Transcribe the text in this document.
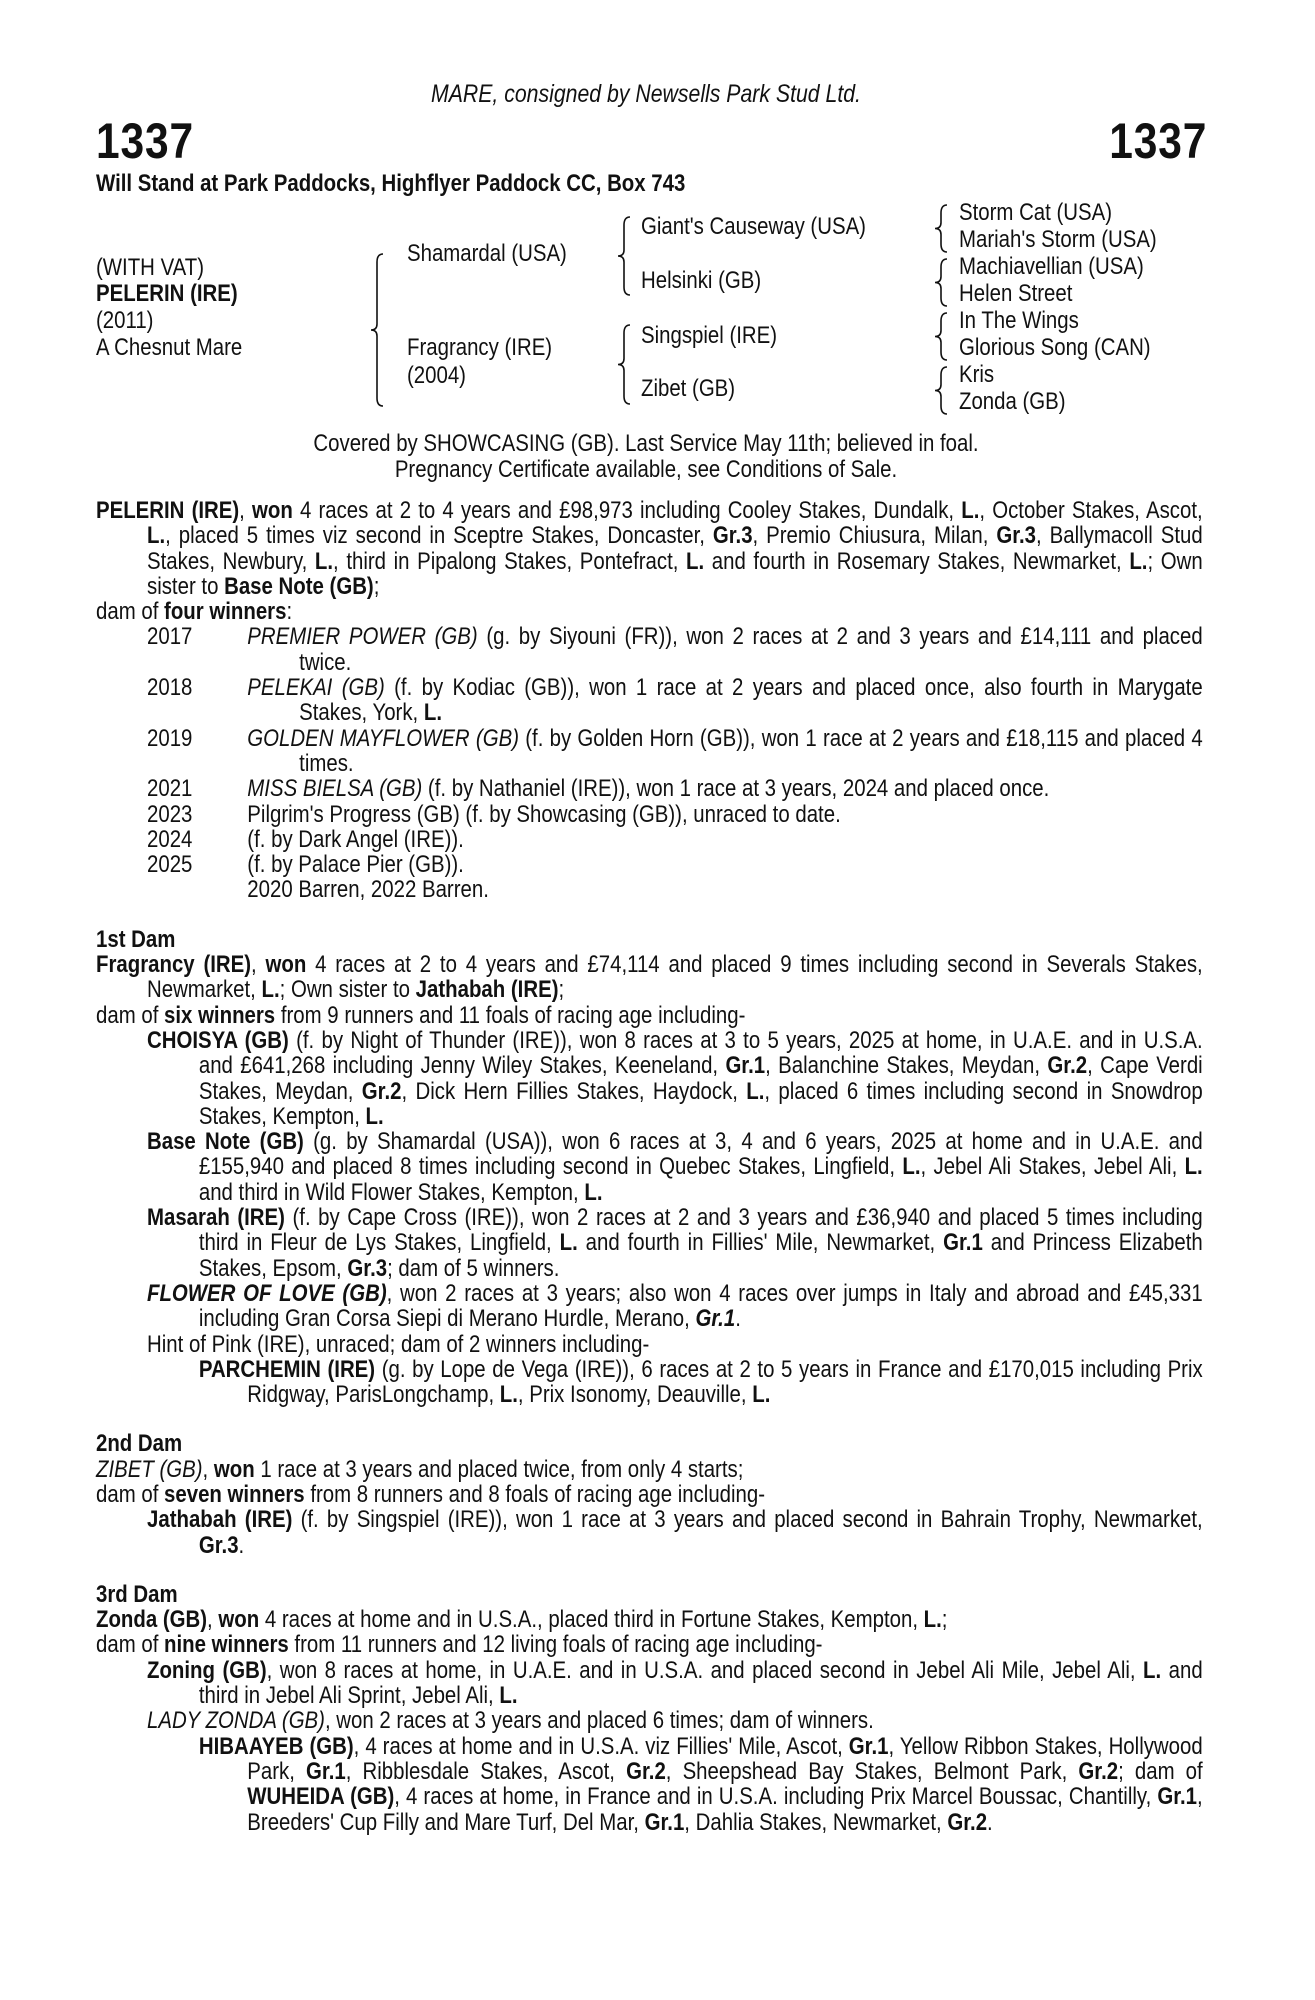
MARE, consigned by Newsells Park Stud Ltd.
1337	1337
Will Stand at Park Paddocks, Highflyer Paddock CC, Box 743
(WITH VAT)
PELERIN (IRE)
(2011)
A Chesnut Mare
Shamardal (USA)
Fragrancy (IRE)
(2004)
Giant's Causeway (USA)
Helsinki (GB)
Singspiel (IRE)
Zibet (GB)
Storm Cat (USA)
Mariah's Storm (USA)
Machiavellian (USA)
Helen Street
In The Wings
Glorious Song (CAN)
Kris
Zonda (GB)
Covered by SHOWCASING (GB). Last Service May 11th; believed in foal.
Pregnancy Certificate available, see Conditions of Sale.
PELERIN (IRE), won 4 races at 2 to 4 years and £98,973 including Cooley Stakes, Dundalk, L., October Stakes, Ascot, L., placed 5 times viz second in Sceptre Stakes, Doncaster, Gr.3, Premio Chiusura, Milan, Gr.3, Ballymacoll Stud Stakes, Newbury, L., third in Pipalong Stakes, Pontefract, L. and fourth in Rosemary Stakes, Newmarket, L.; Own sister to Base Note (GB);
dam of four winners:
2017 PREMIER POWER (GB) (g. by Siyouni (FR)), won 2 races at 2 and 3 years and £14,111 and placed twice.
2018 PELEKAI (GB) (f. by Kodiac (GB)), won 1 race at 2 years and placed once, also fourth in Marygate Stakes, York, L.
2019 GOLDEN MAYFLOWER (GB) (f. by Golden Horn (GB)), won 1 race at 2 years and £18,115 and placed 4 times.
2021 MISS BIELSA (GB) (f. by Nathaniel (IRE)), won 1 race at 3 years, 2024 and placed once.
2023 Pilgrim's Progress (GB) (f. by Showcasing (GB)), unraced to date.
2024 (f. by Dark Angel (IRE)).
2025 (f. by Palace Pier (GB)).
2020 Barren, 2022 Barren.
1st Dam
Fragrancy (IRE), won 4 races at 2 to 4 years and £74,114 and placed 9 times including second in Severals Stakes, Newmarket, L.; Own sister to Jathabah (IRE);
dam of six winners from 9 runners and 11 foals of racing age including-
CHOISYA (GB) (f. by Night of Thunder (IRE)), won 8 races at 3 to 5 years, 2025 at home, in U.A.E. and in U.S.A. and £641,268 including Jenny Wiley Stakes, Keeneland, Gr.1, Balanchine Stakes, Meydan, Gr.2, Cape Verdi Stakes, Meydan, Gr.2, Dick Hern Fillies Stakes, Haydock, L., placed 6 times including second in Snowdrop Stakes, Kempton, L.
Base Note (GB) (g. by Shamardal (USA)), won 6 races at 3, 4 and 6 years, 2025 at home and in U.A.E. and £155,940 and placed 8 times including second in Quebec Stakes, Lingfield, L., Jebel Ali Stakes, Jebel Ali, L. and third in Wild Flower Stakes, Kempton, L.
Masarah (IRE) (f. by Cape Cross (IRE)), won 2 races at 2 and 3 years and £36,940 and placed 5 times including third in Fleur de Lys Stakes, Lingfield, L. and fourth in Fillies' Mile, Newmarket, Gr.1 and Princess Elizabeth Stakes, Epsom, Gr.3; dam of 5 winners.
FLOWER OF LOVE (GB), won 2 races at 3 years; also won 4 races over jumps in Italy and abroad and £45,331 including Gran Corsa Siepi di Merano Hurdle, Merano, Gr.1.
Hint of Pink (IRE), unraced; dam of 2 winners including-
PARCHEMIN (IRE) (g. by Lope de Vega (IRE)), 6 races at 2 to 5 years in France and £170,015 including Prix Ridgway, ParisLongchamp, L., Prix Isonomy, Deauville, L.
2nd Dam
ZIBET (GB), won 1 race at 3 years and placed twice, from only 4 starts;
dam of seven winners from 8 runners and 8 foals of racing age including-
Jathabah (IRE) (f. by Singspiel (IRE)), won 1 race at 3 years and placed second in Bahrain Trophy, Newmarket, Gr.3.
3rd Dam
Zonda (GB), won 4 races at home and in U.S.A., placed third in Fortune Stakes, Kempton, L.;
dam of nine winners from 11 runners and 12 living foals of racing age including-
Zoning (GB), won 8 races at home, in U.A.E. and in U.S.A. and placed second in Jebel Ali Mile, Jebel Ali, L. and third in Jebel Ali Sprint, Jebel Ali, L.
LADY ZONDA (GB), won 2 races at 3 years and placed 6 times; dam of winners.
HIBAAYEB (GB), 4 races at home and in U.S.A. viz Fillies' Mile, Ascot, Gr.1, Yellow Ribbon Stakes, Hollywood Park, Gr.1, Ribblesdale Stakes, Ascot, Gr.2, Sheepshead Bay Stakes, Belmont Park, Gr.2; dam of WUHEIDA (GB), 4 races at home, in France and in U.S.A. including Prix Marcel Boussac, Chantilly, Gr.1, Breeders' Cup Filly and Mare Turf, Del Mar, Gr.1, Dahlia Stakes, Newmarket, Gr.2.
